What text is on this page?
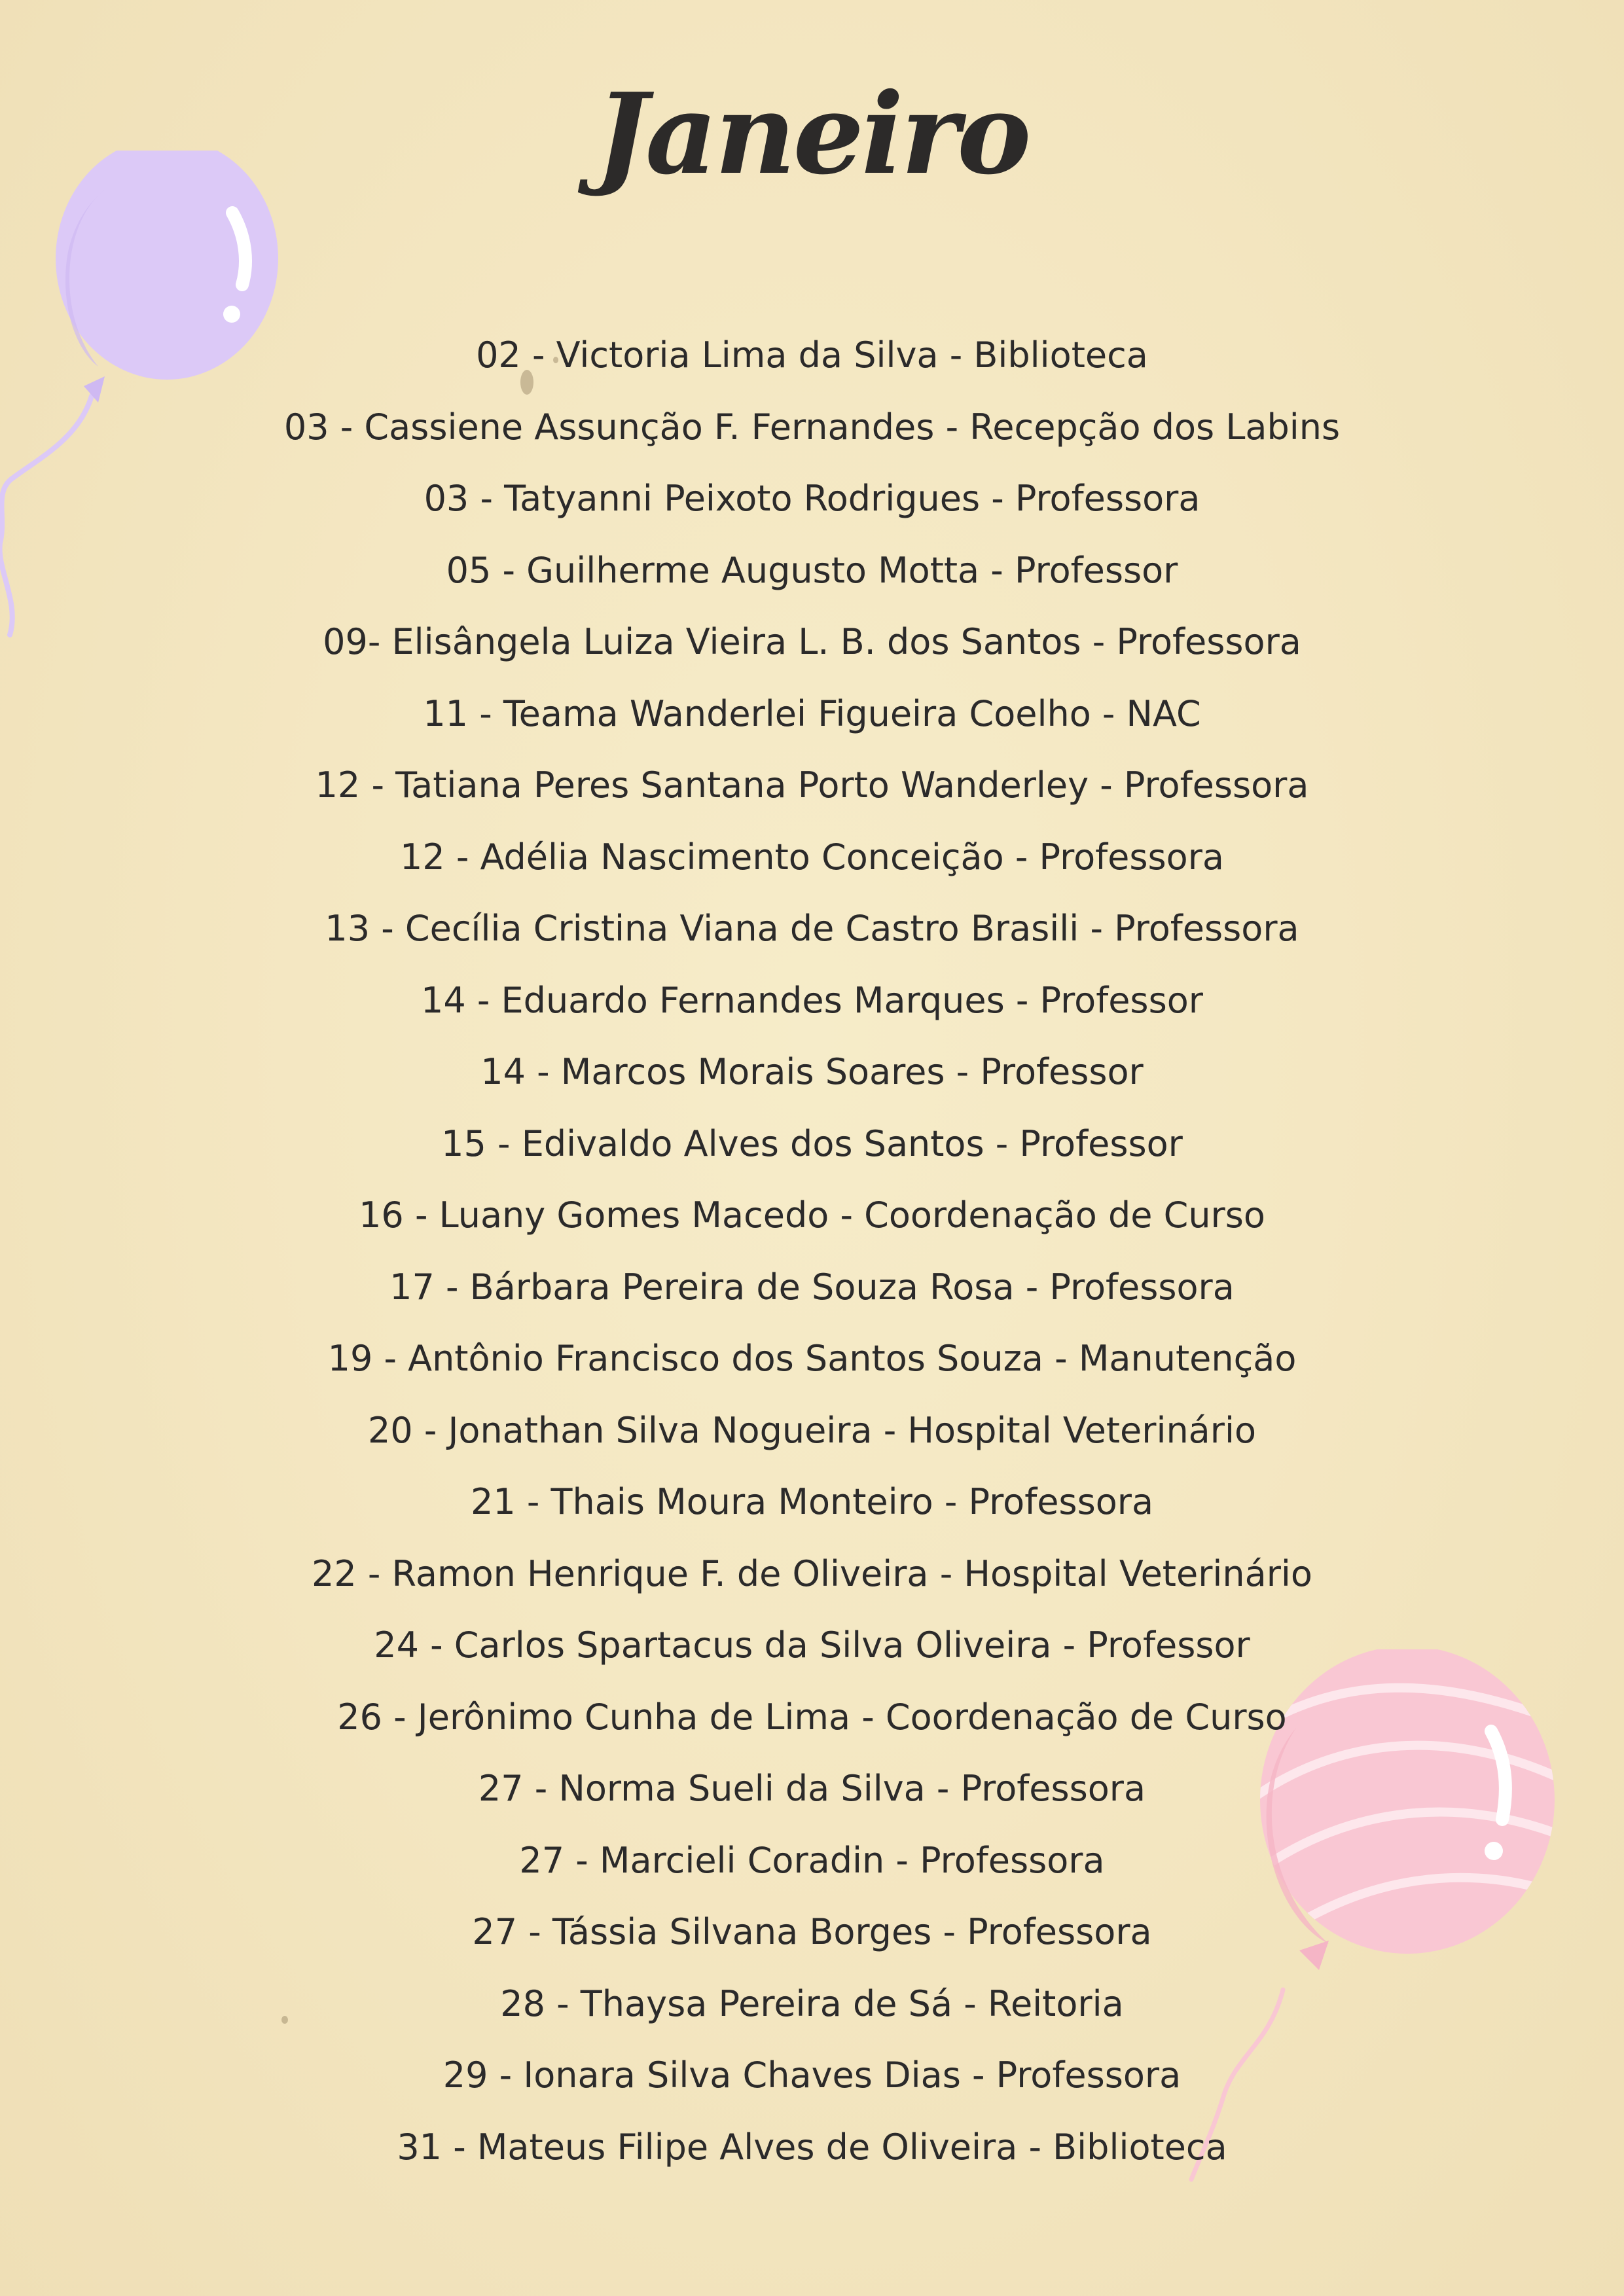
Janeiro
02 - Victoria Lima da Silva - Biblioteca
03 - Cassiene Assunção F. Fernandes - Recepção dos Labins
03 - Tatyanni Peixoto Rodrigues - Professora
05 - Guilherme Augusto Motta - Professor
09- Elisângela Luiza Vieira L. B. dos Santos - Professora
11 - Teama Wanderlei Figueira Coelho - NAC
12 - Tatiana Peres Santana Porto Wanderley - Professora
12 - Adélia Nascimento Conceição - Professora
13 - Cecília Cristina Viana de Castro Brasili - Professora
14 - Eduardo Fernandes Marques - Professor
14 - Marcos Morais Soares - Professor
15 - Edivaldo Alves dos Santos - Professor
16 - Luany Gomes Macedo - Coordenação de Curso
17 - Bárbara Pereira de Souza Rosa - Professora
19 - Antônio Francisco dos Santos Souza - Manutenção
20 - Jonathan Silva Nogueira - Hospital Veterinário
21 - Thais Moura Monteiro - Professora
22 - Ramon Henrique F. de Oliveira - Hospital Veterinário
24 - Carlos Spartacus da Silva Oliveira - Professor
26 - Jerônimo Cunha de Lima - Coordenação de Curso
27 - Norma Sueli da Silva - Professora
27 - Marcieli Coradin - Professora
27 - Tássia Silvana Borges - Professora
28 - Thaysa Pereira de Sá - Reitoria
29 - Ionara Silva Chaves Dias - Professora
31 - Mateus Filipe Alves de Oliveira - Biblioteca
